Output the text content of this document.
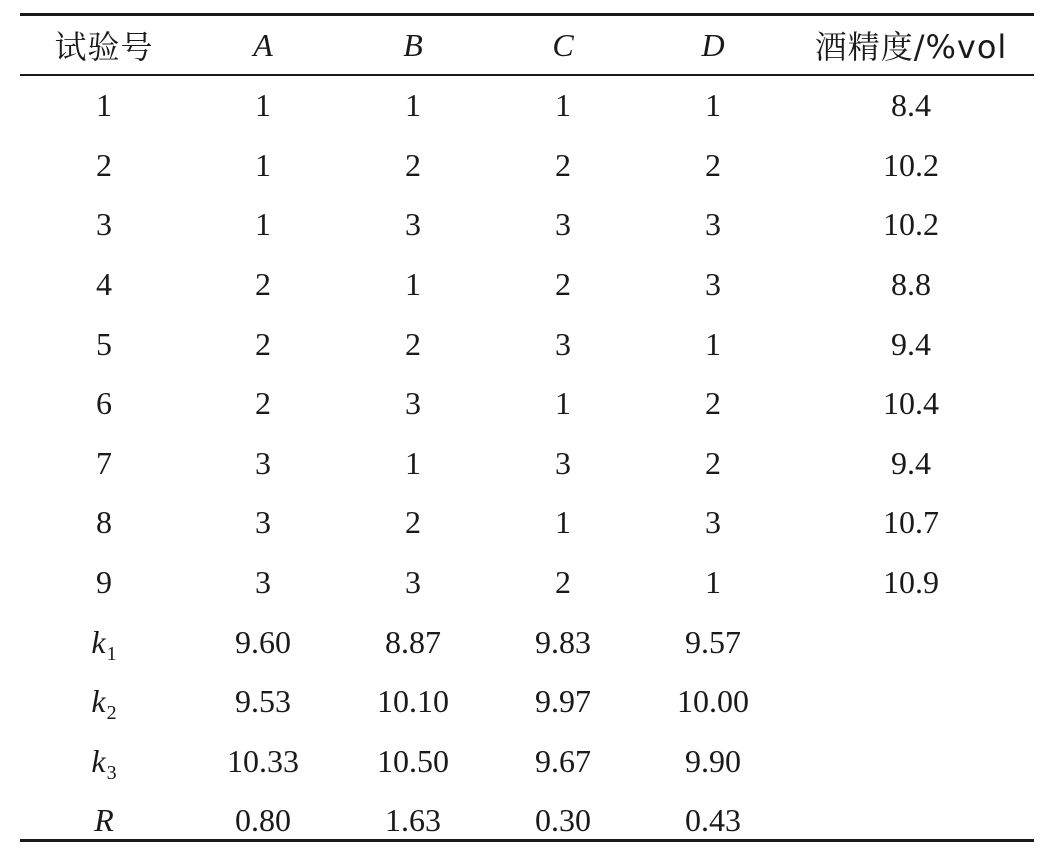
试验号	A	B	C	D	酒精度/%vol
1	1	1	1	1	8.4
2	1	2	2	2	10.2
3	1	3	3	3	10.2
4	2	1	2	3	8.8
5	2	2	3	1	9.4
6	2	3	1	2	10.4
7	3	1	3	2	9.4
8	3	2	1	3	10.7
9	3	3	2	1	10.9
$k_1$	9.60	8.87	9.83	9.57	
$k_2$	9.53	10.10	9.97	10.00	
$k_3$	10.33	10.50	9.67	9.90	
R	0.80	1.63	0.30	0.43	
